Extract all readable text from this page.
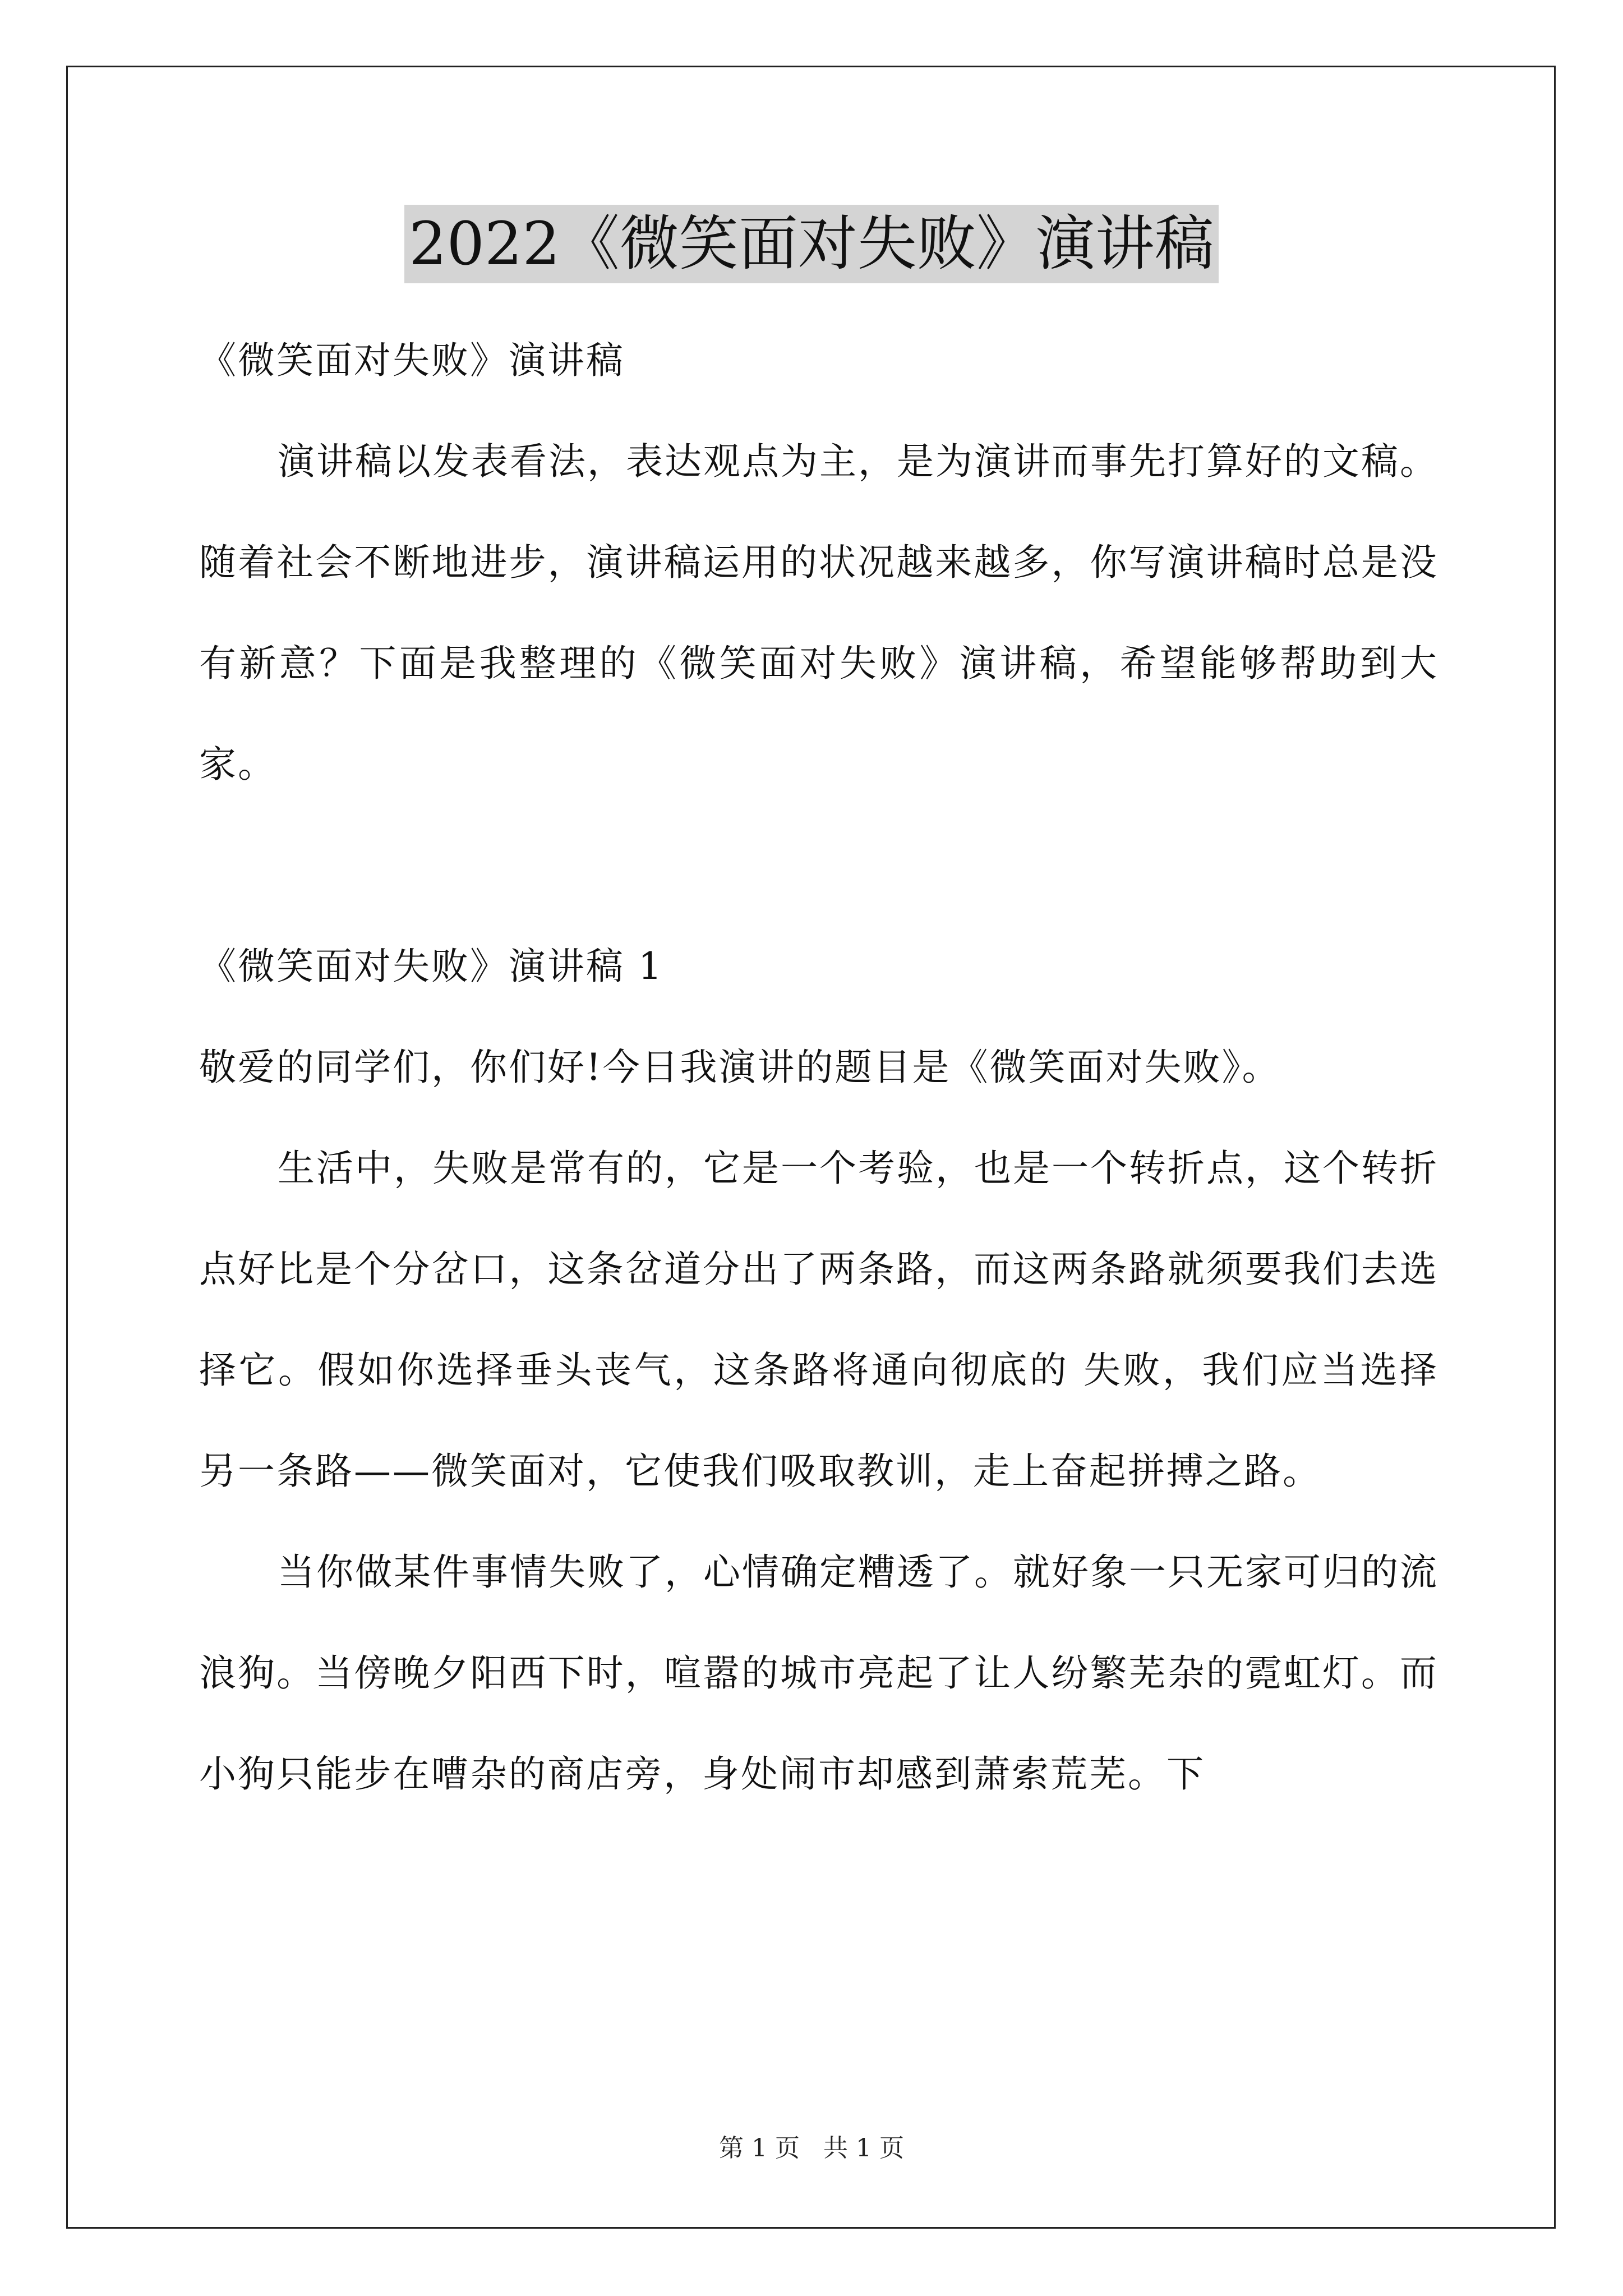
2022《微笑面对失败》演讲稿

《微笑面对失败》演讲稿

演讲稿以发表看法，表达观点为主，是为演讲而事先打算好的文稿。随着社会不断地进步，演讲稿运用的状况越来越多，你写演讲稿时总是没有新意？下面是我整理的《微笑面对失败》演讲稿，希望能够帮助到大家。

《微笑面对失败》演讲稿 1

敬爱的同学们，你们好!今日我演讲的题目是《微笑面对失败》。

生活中，失败是常有的，它是一个考验，也是一个转折点，这个转折点好比是个分岔口，这条岔道分出了两条路，而这两条路就须要我们去选择它。假如你选择垂头丧气，这条路将通向彻底的 失败，我们应当选择另一条路——微笑面对，它使我们吸取教训，走上奋起拼搏之路。

当你做某件事情失败了，心情确定糟透了。就好象一只无家可归的流浪狗。当傍晚夕阳西下时，喧嚣的城市亮起了让人纷繁芜杂的霓虹灯。而小狗只能步在嘈杂的商店旁，身处闹市却感到萧索荒芜。下

第 1 页 共 1 页
